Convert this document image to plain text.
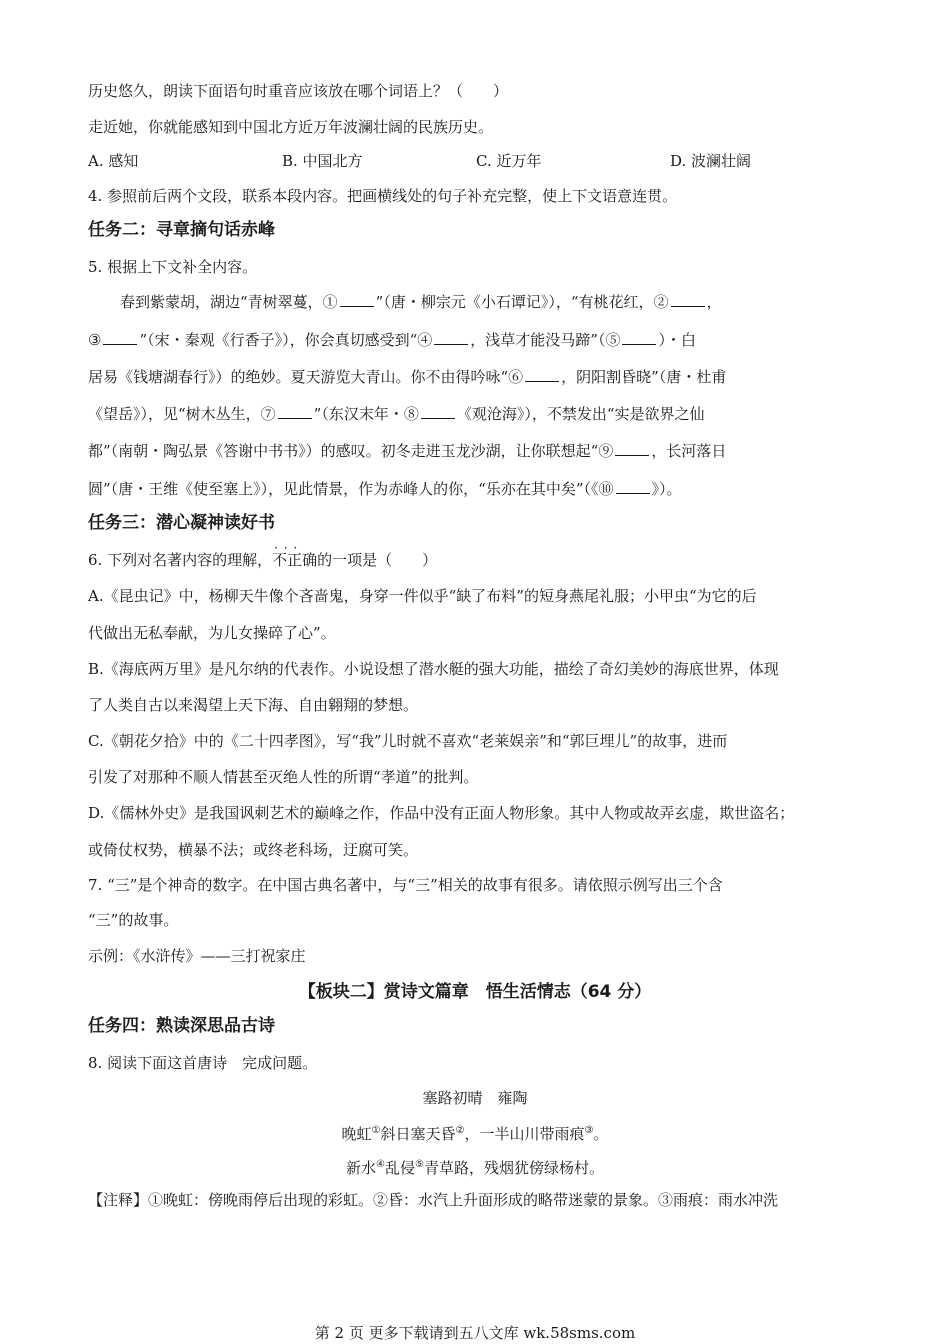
历史悠久，朗读下面语句时重音应该放在哪个词语上？（　　）
走近她，你就能感知到中国北方近万年波澜壮阔的民族历史。
A. 感知	B. 中国北方	C. 近万年	D. 波澜壮阔
4. 参照前后两个文段，联系本段内容。把画横线处的句子补充完整，使上下文语意连贯。
任务二：寻章摘句话赤峰
5. 根据上下文补全内容。
春到紫蒙胡，湖边“青树翠蔓，①	”（唐・柳宗元《小石谭记》），“有桃花红，②	，
③	”（宋・秦观《行香子》），你会真切感受到“④	，浅草才能没马蹄”（⑤	）・白
居易《钱塘湖春行》）的绝妙。夏天游览大青山。你不由得吟咏“⑥	，阴阳割昏晓”（唐・杜甫
《望岳》），见“树木丛生，⑦	”（东汉末年・⑧	《观沧海》），不禁发出“实是欲界之仙
都”（南朝・陶弘景《答谢中书书》）的感叹。初冬走进玉龙沙湖，让你联想起“⑨	，长河落日
圆”（唐・王维《使至塞上》），见此情景，作为赤峰人的你，“乐亦在其中矣”（《⑩	》）。
任务三：潜心凝神读好书
6. 下列对名著内容的理解，· · · 不正确的一项是（　　）
A.《昆虫记》中，杨柳天牛像个吝啬鬼，身穿一件似乎“缺了布料”的短身燕尾礼服；小甲虫“为它的后
代做出无私奉献，为儿女操碎了心”。
B.《海底两万里》是凡尔纳的代表作。小说设想了潜水艇的强大功能，描绘了奇幻美妙的海底世界，体现
了人类自古以来渴望上天下海、自由翱翔的梦想。
C.《朝花夕拾》中的《二十四孝图》，写“我”儿时就不喜欢“老莱娱亲”和“郭巨埋儿”的故事，进而
引发了对那种不顺人情甚至灭绝人性的所谓“孝道”的批判。
D.《儒林外史》是我国讽刺艺术的巅峰之作，作品中没有正面人物形象。其中人物或故弄玄虚，欺世盗名；
或倚仗权势，横暴不法；或终老科场，迂腐可笑。
7. “三”是个神奇的数字。在中国古典名著中，与“三”相关的故事有很多。请依照示例写出三个含
“三”的故事。
示例：《水浒传》——三打祝家庄
【板块二】赏诗文篇章　悟生活情志（64 分）
任务四：熟读深思品古诗
8. 阅读下面这首唐诗　完成问题。
塞路初晴　雍陶
晚虹①斜日塞天昏②，一半山川带雨痕③。
新水④乱侵⑤青草路，残烟犹傍绿杨村。
【注释】①晚虹：傍晚雨停后出现的彩虹。②昏：水汽上升面形成的略带迷蒙的景象。③雨痕：雨水冲洗
第 2 页 更多下载请到五八文库 wk.58sms.com
